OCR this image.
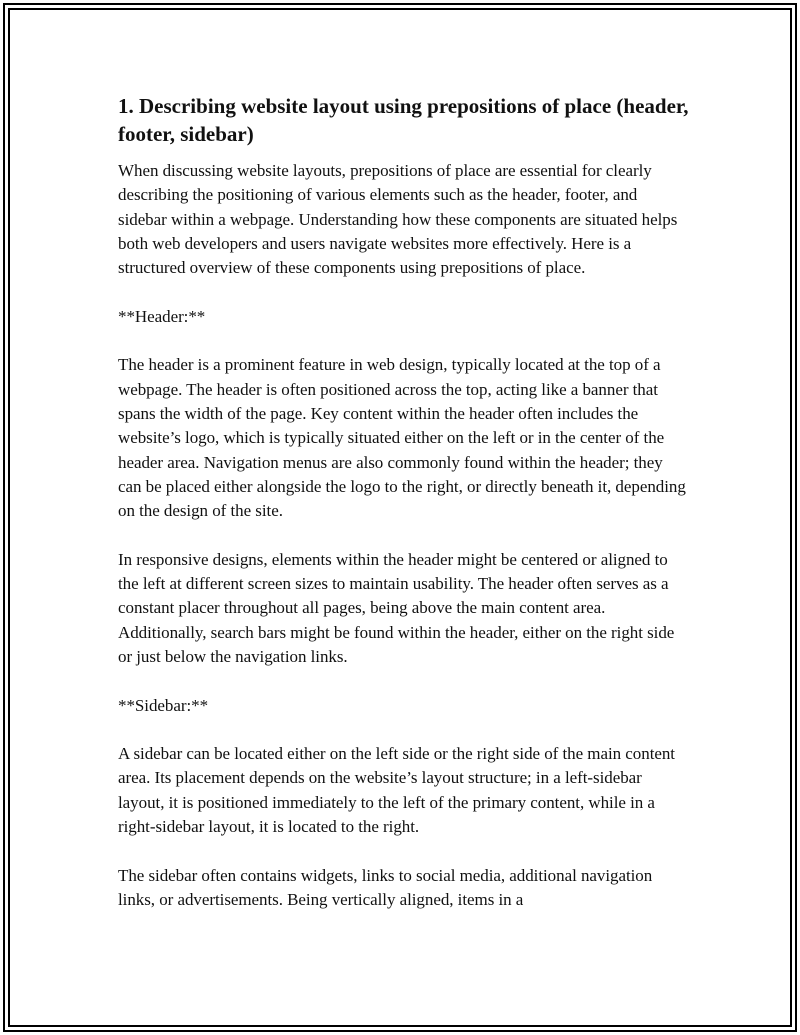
1. Describing website layout using prepositions of place (header, footer, sidebar)

When discussing website layouts, prepositions of place are essential for clearly describing the positioning of various elements such as the header, footer, and sidebar within a webpage. Understanding how these components are situated helps both web developers and users navigate websites more effectively. Here is a structured overview of these components using prepositions of place.

**Header:**

The header is a prominent feature in web design, typically located at the top of a webpage. The header is often positioned across the top, acting like a banner that spans the width of the page. Key content within the header often includes the website’s logo, which is typically situated either on the left or in the center of the header area. Navigation menus are also commonly found within the header; they can be placed either alongside the logo to the right, or directly beneath it, depending on the design of the site.

In responsive designs, elements within the header might be centered or aligned to the left at different screen sizes to maintain usability. The header often serves as a constant placer throughout all pages, being above the main content area. Additionally, search bars might be found within the header, either on the right side or just below the navigation links.

**Sidebar:**

A sidebar can be located either on the left side or the right side of the main content area. Its placement depends on the website’s layout structure; in a left-sidebar layout, it is positioned immediately to the left of the primary content, while in a right-sidebar layout, it is located to the right.

The sidebar often contains widgets, links to social media, additional navigation links, or advertisements. Being vertically aligned, items in a
